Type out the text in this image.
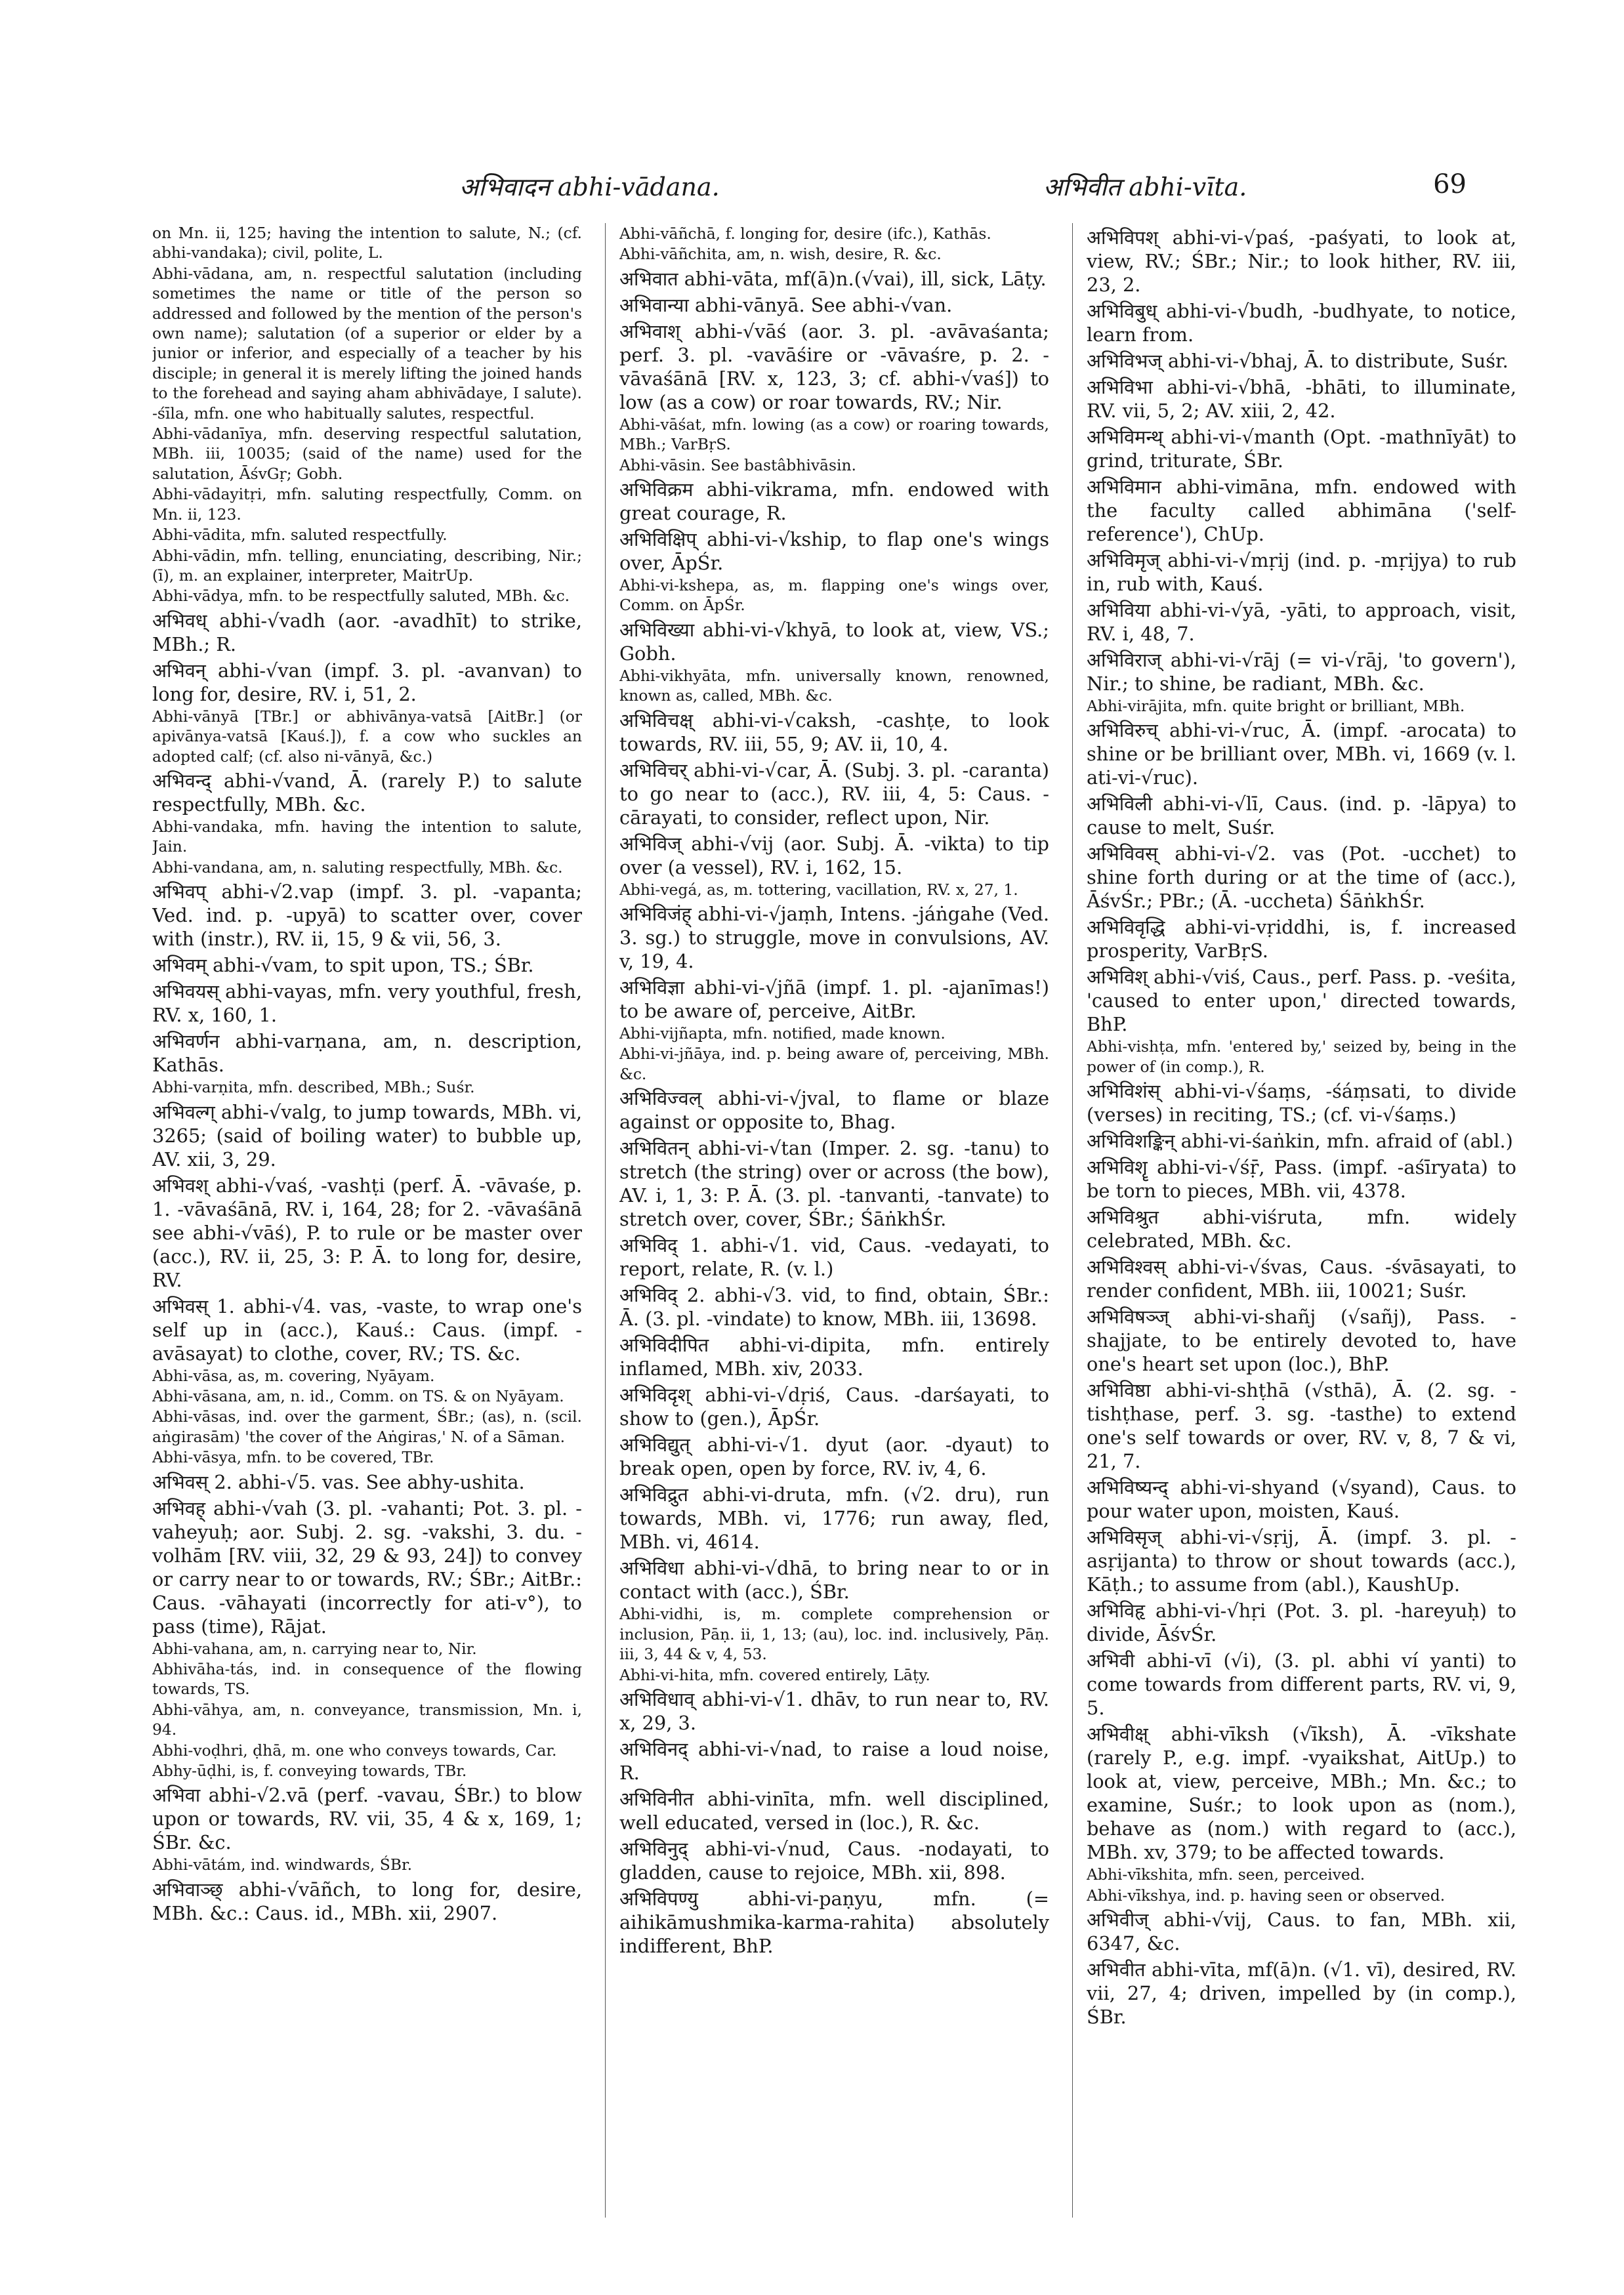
अभिवादन abhi-vādana.	अभिवीत abhi-vīta.	69

on Mn. ii, 125; having the intention to salute, N.; (cf. abhi-vandaka); civil, polite, L.

Abhi-vādana, am, n. respectful salutation (including sometimes the name or title of the person so addressed and followed by the mention of the person's own name); salutation (of a superior or elder by a junior or inferior, and especially of a teacher by his disciple; in general it is merely lifting the joined hands to the forehead and saying aham abhivādaye, I salute). -śīla, mfn. one who habitually salutes, respectful.

Abhi-vādanīya, mfn. deserving respectful salutation, MBh. iii, 10035; (said of the name) used for the salutation, ĀśvGṛ; Gobh.

Abhi-vādayitṛi, mfn. saluting respectfully, Comm. on Mn. ii, 123.

Abhi-vādita, mfn. saluted respectfully.

Abhi-vādin, mfn. telling, enunciating, describing, Nir.; (ī), m. an explainer, interpreter, MaitrUp.

Abhi-vādya, mfn. to be respectfully saluted, MBh. &c.

अभिवध् abhi-√vadh (aor. -avadhīt) to strike, MBh.; R.

अभिवन् abhi-√van (impf. 3. pl. -avanvan) to long for, desire, RV. i, 51, 2.

Abhi-vānyā [TBr.] or abhivānya-vatsā [AitBr.] (or apivānya-vatsā [Kauś.]), f. a cow who suckles an adopted calf; (cf. also ni-vānyā, &c.)

अभिवन्द् abhi-√vand, Ā. (rarely P.) to salute respectfully, MBh. &c.

Abhi-vandaka, mfn. having the intention to salute, Jain.

Abhi-vandana, am, n. saluting respectfully, MBh. &c.

अभिवप् abhi-√2.vap (impf. 3. pl. -vapanta; Ved. ind. p. -upyā) to scatter over, cover with (instr.), RV. ii, 15, 9 & vii, 56, 3.

अभिवम् abhi-√vam, to spit upon, TS.; ŚBr.

अभिवयस् abhi-vayas, mfn. very youthful, fresh, RV. x, 160, 1.

अभिवर्णन abhi-varṇana, am, n. description, Kathās.

Abhi-varṇita, mfn. described, MBh.; Suśr.

अभिवल्ग् abhi-√valg, to jump towards, MBh. vi, 3265; (said of boiling water) to bubble up, AV. xii, 3, 29.

अभिवश् abhi-√vaś, -vashṭi (perf. Ā. -vāvaśe, p. 1. -vāvaśānā, RV. i, 164, 28; for 2. -vāvaśānā see abhi-√vāś), P. to rule or be master over (acc.), RV. ii, 25, 3: P. Ā. to long for, desire, RV.

अभिवस् 1. abhi-√4. vas, -vaste, to wrap one's self up in (acc.), Kauś.: Caus. (impf. -avāsayat) to clothe, cover, RV.; TS. &c.

Abhi-vāsa, as, m. covering, Nyāyam.

Abhi-vāsana, am, n. id., Comm. on TS. & on Nyāyam.

Abhi-vāsas, ind. over the garment, ŚBr.; (as), n. (scil. aṅgirasām) 'the cover of the Aṅgiras,' N. of a Sāman.

Abhi-vāsya, mfn. to be covered, TBr.

अभिवस् 2. abhi-√5. vas. See abhy-ushita.

अभिवह् abhi-√vah (3. pl. -vahanti; Pot. 3. pl. -vaheyuḥ; aor. Subj. 2. sg. -vakshi, 3. du. -volhām [RV. viii, 32, 29 & 93, 24]) to convey or carry near to or towards, RV.; ŚBr.; AitBr.: Caus. -vāhayati (incorrectly for ati-v°), to pass (time), Rājat.

Abhi-vahana, am, n. carrying near to, Nir.

Abhivāha-tás, ind. in consequence of the flowing towards, TS.

Abhi-vāhya, am, n. conveyance, transmission, Mn. i, 94.

Abhi-voḍhri, ḍhā, m. one who conveys towards, Car.

Abhy-ūḍhi, is, f. conveying towards, TBr.

अभिवा abhi-√2.vā (perf. -vavau, ŚBr.) to blow upon or towards, RV. vii, 35, 4 & x, 169, 1; ŚBr. &c.

Abhi-vātám, ind. windwards, ŚBr.

अभिवाञ्छ् abhi-√vāñch, to long for, desire, MBh. &c.: Caus. id., MBh. xii, 2907.

Abhi-vāñchā, f. longing for, desire (ifc.), Kathās.

Abhi-vāñchita, am, n. wish, desire, R. &c.

अभिवात abhi-vāta, mf(ā)n.(√vai), ill, sick, Lāṭy.

अभिवान्या abhi-vānyā. See abhi-√van.

अभिवाश् abhi-√vāś (aor. 3. pl. -avāvaśanta; perf. 3. pl. -vavāśire or -vāvaśre, p. 2. -vāvaśānā [RV. x, 123, 3; cf. abhi-√vaś]) to low (as a cow) or roar towards, RV.; Nir.

Abhi-vāśat, mfn. lowing (as a cow) or roaring towards, MBh.; VarBṛS.

Abhi-vāsin. See bastâbhivāsin.

अभिविक्रम abhi-vikrama, mfn. endowed with great courage, R.

अभिविक्षिप् abhi-vi-√kship, to flap one's wings over, ĀpŚr.

Abhi-vi-kshepa, as, m. flapping one's wings over, Comm. on ĀpŚr.

अभिविख्या abhi-vi-√khyā, to look at, view, VS.; Gobh.

Abhi-vikhyāta, mfn. universally known, renowned, known as, called, MBh. &c.

अभिविचक्ष् abhi-vi-√caksh, -cashṭe, to look towards, RV. iii, 55, 9; AV. ii, 10, 4.

अभिविचर् abhi-vi-√car, Ā. (Subj. 3. pl. -caranta) to go near to (acc.), RV. iii, 4, 5: Caus. -cārayati, to consider, reflect upon, Nir.

अभिविज् abhi-√vij (aor. Subj. Ā. -vikta) to tip over (a vessel), RV. i, 162, 15.

Abhi-vegá, as, m. tottering, vacillation, RV. x, 27, 1.

अभिविजंह् abhi-vi-√jaṃh, Intens. -jáṅgahe (Ved. 3. sg.) to struggle, move in convulsions, AV. v, 19, 4.

अभिविज्ञा abhi-vi-√jñā (impf. 1. pl. -ajanīmas!) to be aware of, perceive, AitBr.

Abhi-vijñapta, mfn. notified, made known.

Abhi-vi-jñāya, ind. p. being aware of, perceiving, MBh. &c.

अभिविज्वल् abhi-vi-√jval, to flame or blaze against or opposite to, Bhag.

अभिवितन् abhi-vi-√tan (Imper. 2. sg. -tanu) to stretch (the string) over or across (the bow), AV. i, 1, 3: P. Ā. (3. pl. -tanvanti, -tanvate) to stretch over, cover, ŚBr.; ŚāṅkhŚr.

अभिविद् 1. abhi-√1. vid, Caus. -vedayati, to report, relate, R. (v. l.)

अभिविद् 2. abhi-√3. vid, to find, obtain, ŚBr.: Ā. (3. pl. -vindate) to know, MBh. iii, 13698.

अभिविदीपित abhi-vi-dipita, mfn. entirely inflamed, MBh. xiv, 2033.

अभिविदृश् abhi-vi-√dṛiś, Caus. -darśayati, to show to (gen.), ĀpŚr.

अभिविद्युत् abhi-vi-√1. dyut (aor. -dyaut) to break open, open by force, RV. iv, 4, 6.

अभिविद्रुत abhi-vi-druta, mfn. (√2. dru), run towards, MBh. vi, 1776; run away, fled, MBh. vi, 4614.

अभिविधा abhi-vi-√dhā, to bring near to or in contact with (acc.), ŚBr.

Abhi-vidhi, is, m. complete comprehension or inclusion, Pāṇ. ii, 1, 13; (au), loc. ind. inclusively, Pāṇ. iii, 3, 44 & v, 4, 53.

Abhi-vi-hita, mfn. covered entirely, Lāṭy.

अभिविधाव् abhi-vi-√1. dhāv, to run near to, RV. x, 29, 3.

अभिविनद् abhi-vi-√nad, to raise a loud noise, R.

अभिविनीत abhi-vinīta, mfn. well disciplined, well educated, versed in (loc.), R. &c.

अभिविनुद् abhi-vi-√nud, Caus. -nodayati, to gladden, cause to rejoice, MBh. xii, 898.

अभिविपण्यु abhi-vi-paṇyu, mfn. (= aihikāmushmika-karma-rahita) absolutely indifferent, BhP.

अभिविपश् abhi-vi-√paś, -paśyati, to look at, view, RV.; ŚBr.; Nir.; to look hither, RV. iii, 23, 2.

अभिविबुध् abhi-vi-√budh, -budhyate, to notice, learn from.

अभिविभज् abhi-vi-√bhaj, Ā. to distribute, Suśr.

अभिविभा abhi-vi-√bhā, -bhāti, to illuminate, RV. vii, 5, 2; AV. xiii, 2, 42.

अभिविमन्थ् abhi-vi-√manth (Opt. -mathnīyāt) to grind, triturate, ŚBr.

अभिविमान abhi-vimāna, mfn. endowed with the faculty called abhimāna ('self-reference'), ChUp.

अभिविमृज् abhi-vi-√mṛij (ind. p. -mṛijya) to rub in, rub with, Kauś.

अभिविया abhi-vi-√yā, -yāti, to approach, visit, RV. i, 48, 7.

अभिविराज् abhi-vi-√rāj (= vi-√rāj, 'to govern'), Nir.; to shine, be radiant, MBh. &c.

Abhi-virājita, mfn. quite bright or brilliant, MBh.

अभिविरुच् abhi-vi-√ruc, Ā. (impf. -arocata) to shine or be brilliant over, MBh. vi, 1669 (v. l. ati-vi-√ruc).

अभिविली abhi-vi-√lī, Caus. (ind. p. -lāpya) to cause to melt, Suśr.

अभिविवस् abhi-vi-√2. vas (Pot. -ucchet) to shine forth during or at the time of (acc.), ĀśvŚr.; PBr.; (Ā. -uccheta) ŚāṅkhŚr.

अभिविवृद्धि abhi-vi-vṛiddhi, is, f. increased prosperity, VarBṛS.

अभिविश् abhi-√viś, Caus., perf. Pass. p. -veśita, 'caused to enter upon,' directed towards, BhP.

Abhi-vishṭa, mfn. 'entered by,' seized by, being in the power of (in comp.), R.

अभिविशंस् abhi-vi-√śaṃs, -śáṃsati, to divide (verses) in reciting, TS.; (cf. vi-√śaṃs.)

अभिविशङ्किन् abhi-vi-śaṅkin, mfn. afraid of (abl.)

अभिविशॄ abhi-vi-√śṝ, Pass. (impf. -aśīryata) to be torn to pieces, MBh. vii, 4378.

अभिविश्रुत abhi-viśruta, mfn. widely celebrated, MBh. &c.

अभिविश्वस् abhi-vi-√śvas, Caus. -śvāsayati, to render confident, MBh. iii, 10021; Suśr.

अभिविषञ्ज् abhi-vi-shañj (√sañj), Pass. -shajjate, to be entirely devoted to, have one's heart set upon (loc.), BhP.

अभिविष्ठा abhi-vi-shṭhā (√sthā), Ā. (2. sg. -tishṭhase, perf. 3. sg. -tasthe) to extend one's self towards or over, RV. v, 8, 7 & vi, 21, 7.

अभिविष्यन्द् abhi-vi-shyand (√syand), Caus. to pour water upon, moisten, Kauś.

अभिविसृज् abhi-vi-√sṛij, Ā. (impf. 3. pl. -asṛijanta) to throw or shout towards (acc.), Kāṭh.; to assume from (abl.), KaushUp.

अभिविहृ abhi-vi-√hṛi (Pot. 3. pl. -hareyuḥ) to divide, ĀśvŚr.

अभिवी abhi-vī (√i), (3. pl. abhi ví yanti) to come towards from different parts, RV. vi, 9, 5.

अभिवीक्ष् abhi-vīksh (√īksh), Ā. -vīkshate (rarely P., e.g. impf. -vyaikshat, AitUp.) to look at, view, perceive, MBh.; Mn. &c.; to examine, Suśr.; to look upon as (nom.), behave as (nom.) with regard to (acc.), MBh. xv, 379; to be affected towards.

Abhi-vīkshita, mfn. seen, perceived.

Abhi-vīkshya, ind. p. having seen or observed.

अभिवीज् abhi-√vij, Caus. to fan, MBh. xii, 6347, &c.

अभिवीत abhi-vīta, mf(ā)n. (√1. vī), desired, RV. vii, 27, 4; driven, impelled by (in comp.), ŚBr.
